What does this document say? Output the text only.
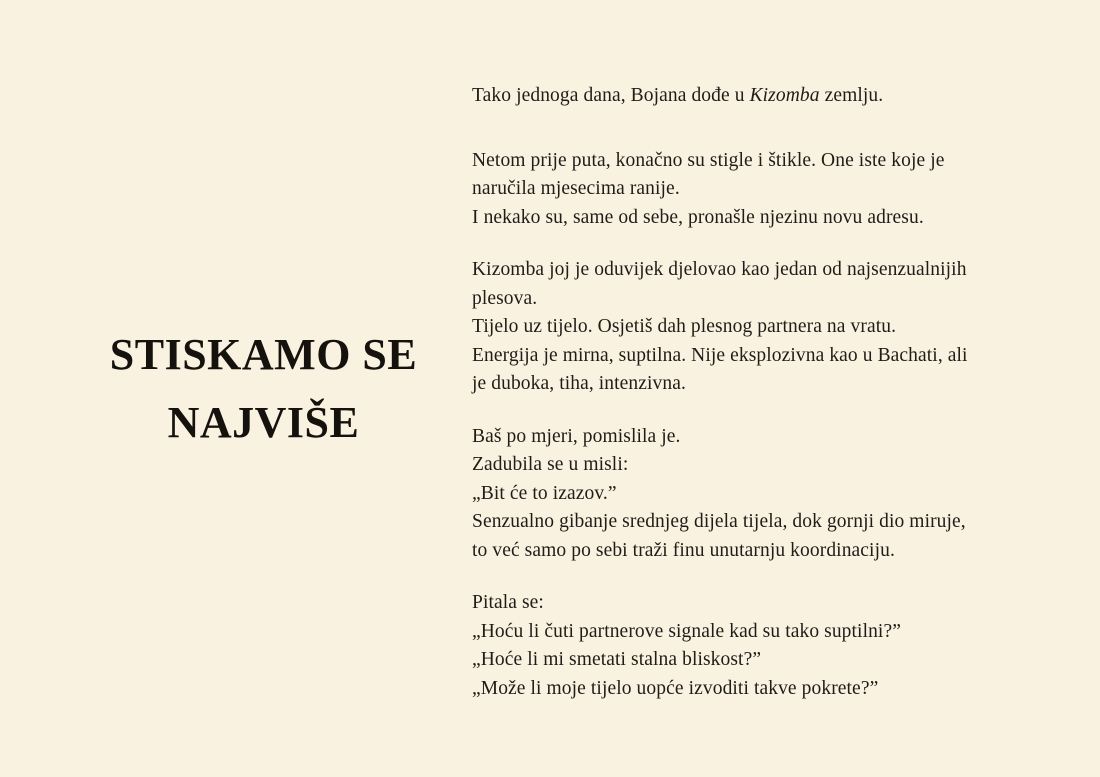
STISKAMO SE
NAJVIŠE

Tako jednoga dana, Bojana dođe u Kizomba zemlju.

Netom prije puta, konačno su stigle i štikle. One iste koje je
naručila mjesecima ranije.
I nekako su, same od sebe, pronašle njezinu novu adresu.
Kizomba joj je oduvijek djelovao kao jedan od najsenzualnijih
plesova.
Tijelo uz tijelo. Osjetiš dah plesnog partnera na vratu.
Energija je mirna, suptilna. Nije eksplozivna kao u Bachati, ali
je duboka, tiha, intenzivna.
Baš po mjeri, pomislila je.
Zadubila se u misli:
„Bit će to izazov.”
Senzualno gibanje srednjeg dijela tijela, dok gornji dio miruje,
to već samo po sebi traži finu unutarnju koordinaciju.
Pitala se:
„Hoću li čuti partnerove signale kad su tako suptilni?”
„Hoće li mi smetati stalna bliskost?”
„Može li moje tijelo uopće izvoditi takve pokrete?”
